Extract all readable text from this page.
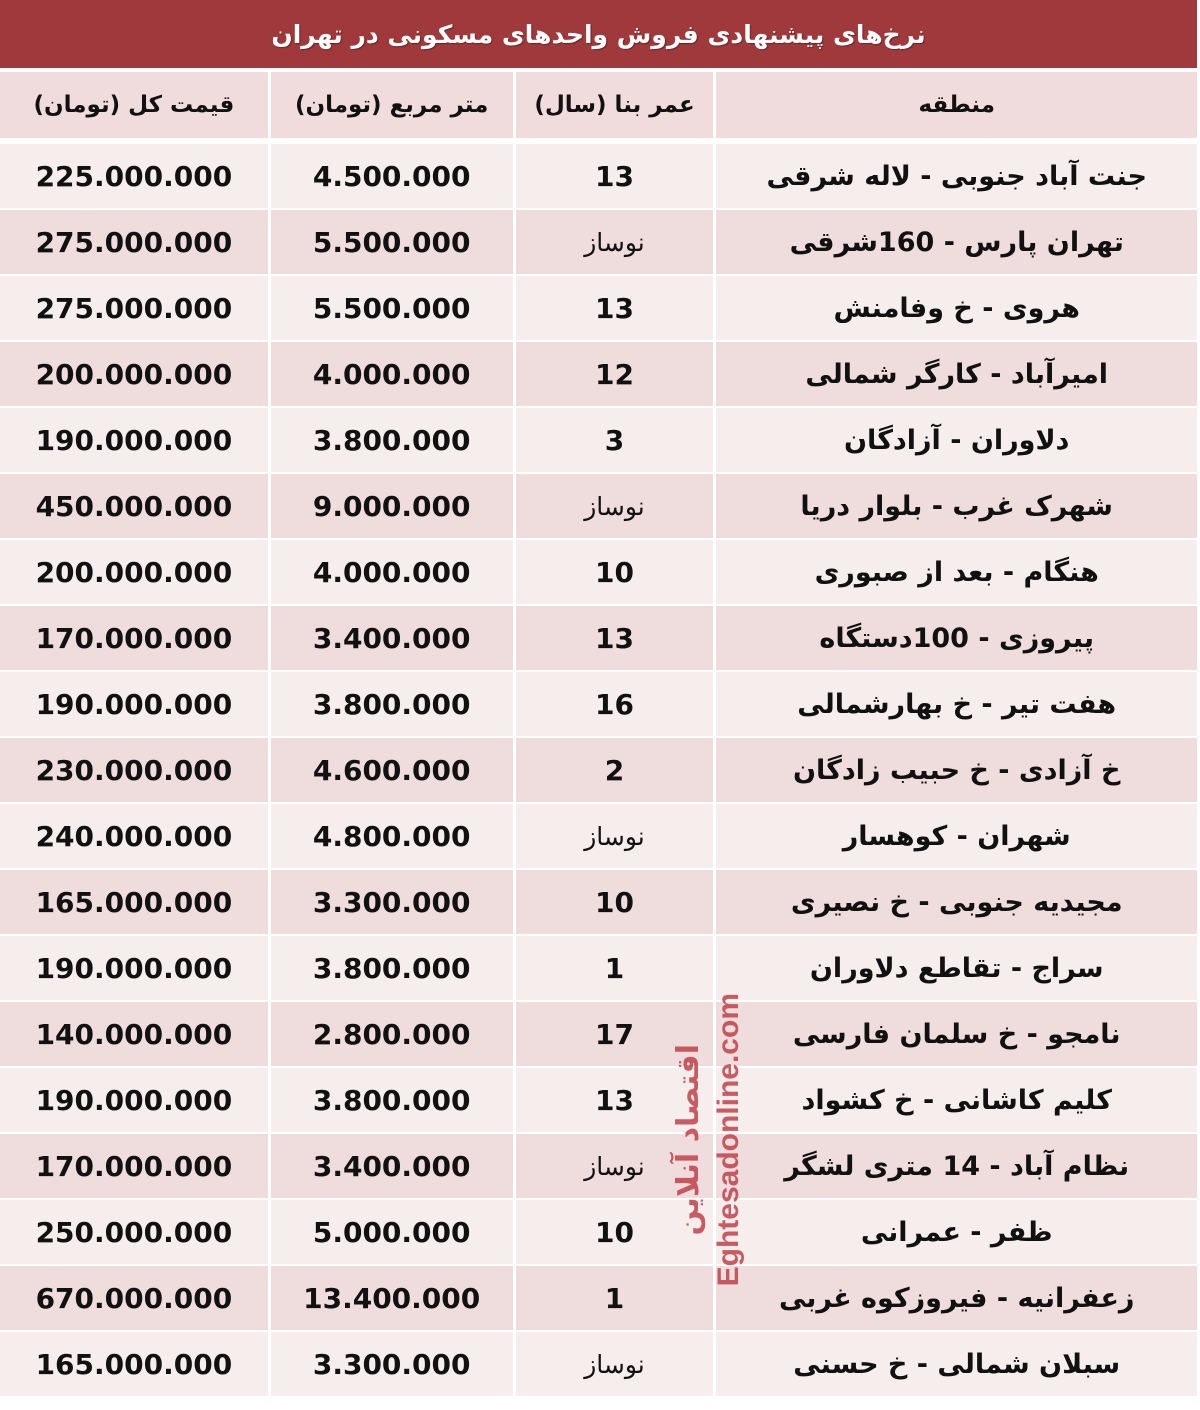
نرخ‌های پیشنهادی فروش واحدهای مسکونی در تهران
منطقه
عمر بنا (سال)
متر مربع (تومان)
قیمت کل (تومان)
جنت آباد جنوبی - لاله شرقی
13
4.500.000
225.000.000
تهران پارس - 160شرقی
نوساز
5.500.000
275.000.000
هروی - خ وفامنش
13
5.500.000
275.000.000
امیرآباد - کارگر شمالی
12
4.000.000
200.000.000
دلاوران - آزادگان
3
3.800.000
190.000.000
شهرک غرب - بلوار دریا
نوساز
9.000.000
450.000.000
هنگام - بعد از صبوری
10
4.000.000
200.000.000
پیروزی - 100دستگاه
13
3.400.000
170.000.000
هفت تیر - خ بهارشمالی
16
3.800.000
190.000.000
خ آزادی - خ حبیب زادگان
2
4.600.000
230.000.000
شهران - کوهسار
نوساز
4.800.000
240.000.000
مجیدیه جنوبی - خ نصیری
10
3.300.000
165.000.000
سراج - تقاطع دلاوران
1
3.800.000
190.000.000
نامجو - خ سلمان فارسی
17
2.800.000
140.000.000
کلیم کاشانی - خ کشواد
13
3.800.000
190.000.000
نظام آباد - 14 متری لشگر
نوساز
3.400.000
170.000.000
ظفر - عمرانی
10
5.000.000
250.000.000
زعفرانیه - فیروزکوه غربی
1
13.400.000
670.000.000
سبلان شمالی - خ حسنی
نوساز
3.300.000
165.000.000
اقتصاد آنلاین Eghtesadonline.com
